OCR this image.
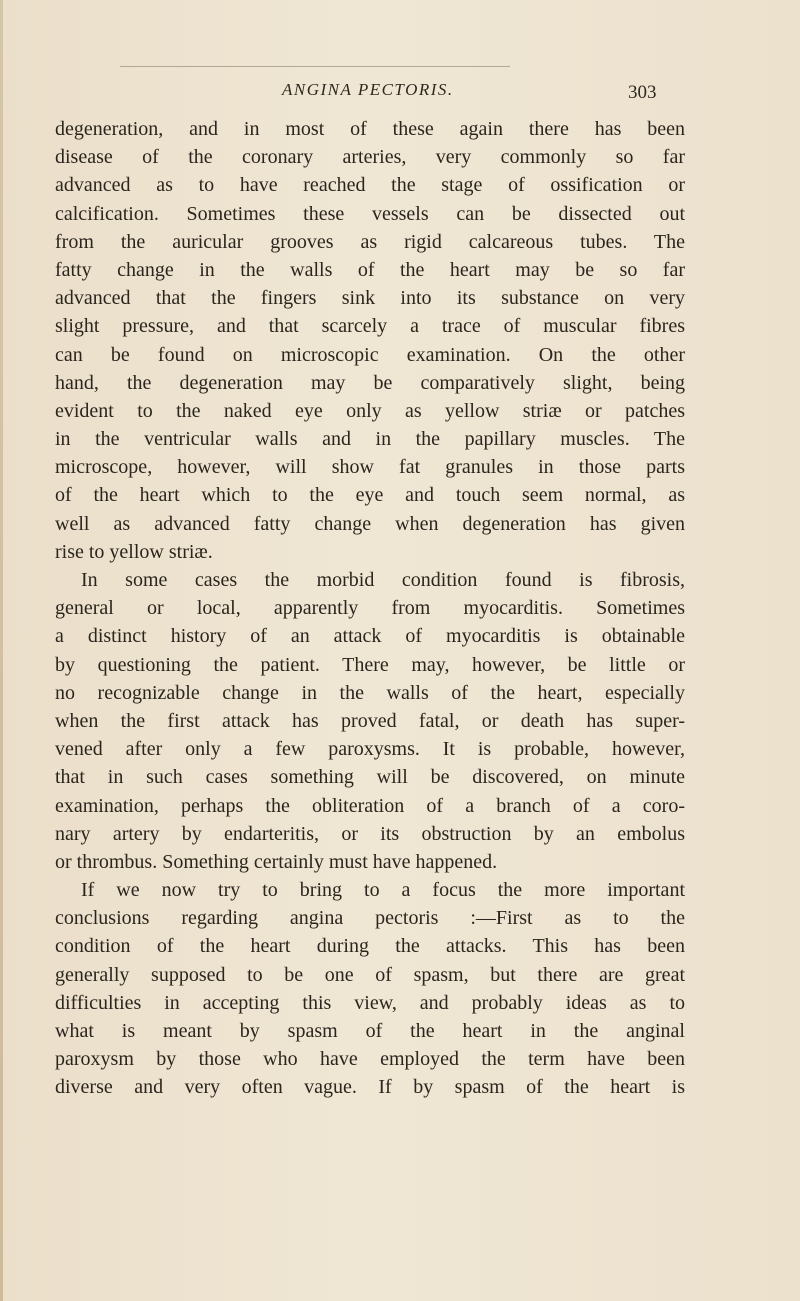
ANGINA PECTORIS.	303
degeneration, and in most of these again there has been
disease of the coronary arteries, very commonly so far
advanced as to have reached the stage of ossification or
calcification. Sometimes these vessels can be dissected out
from the auricular grooves as rigid calcareous tubes. The
fatty change in the walls of the heart may be so far
advanced that the fingers sink into its substance on very
slight pressure, and that scarcely a trace of muscular fibres
can be found on microscopic examination. On the other
hand, the degeneration may be comparatively slight, being
evident to the naked eye only as yellow striæ or patches
in the ventricular walls and in the papillary muscles. The
microscope, however, will show fat granules in those parts
of the heart which to the eye and touch seem normal, as
well as advanced fatty change when degeneration has given
rise to yellow striæ.
In some cases the morbid condition found is fibrosis,
general or local, apparently from myocarditis. Sometimes
a distinct history of an attack of myocarditis is obtainable
by questioning the patient. There may, however, be little or
no recognizable change in the walls of the heart, especially
when the first attack has proved fatal, or death has super-
vened after only a few paroxysms. It is probable, however,
that in such cases something will be discovered, on minute
examination, perhaps the obliteration of a branch of a coro-
nary artery by endarteritis, or its obstruction by an embolus
or thrombus. Something certainly must have happened.
If we now try to bring to a focus the more important
conclusions regarding angina pectoris :—First as to the
condition of the heart during the attacks. This has been
generally supposed to be one of spasm, but there are great
difficulties in accepting this view, and probably ideas as to
what is meant by spasm of the heart in the anginal
paroxysm by those who have employed the term have been
diverse and very often vague. If by spasm of the heart is
